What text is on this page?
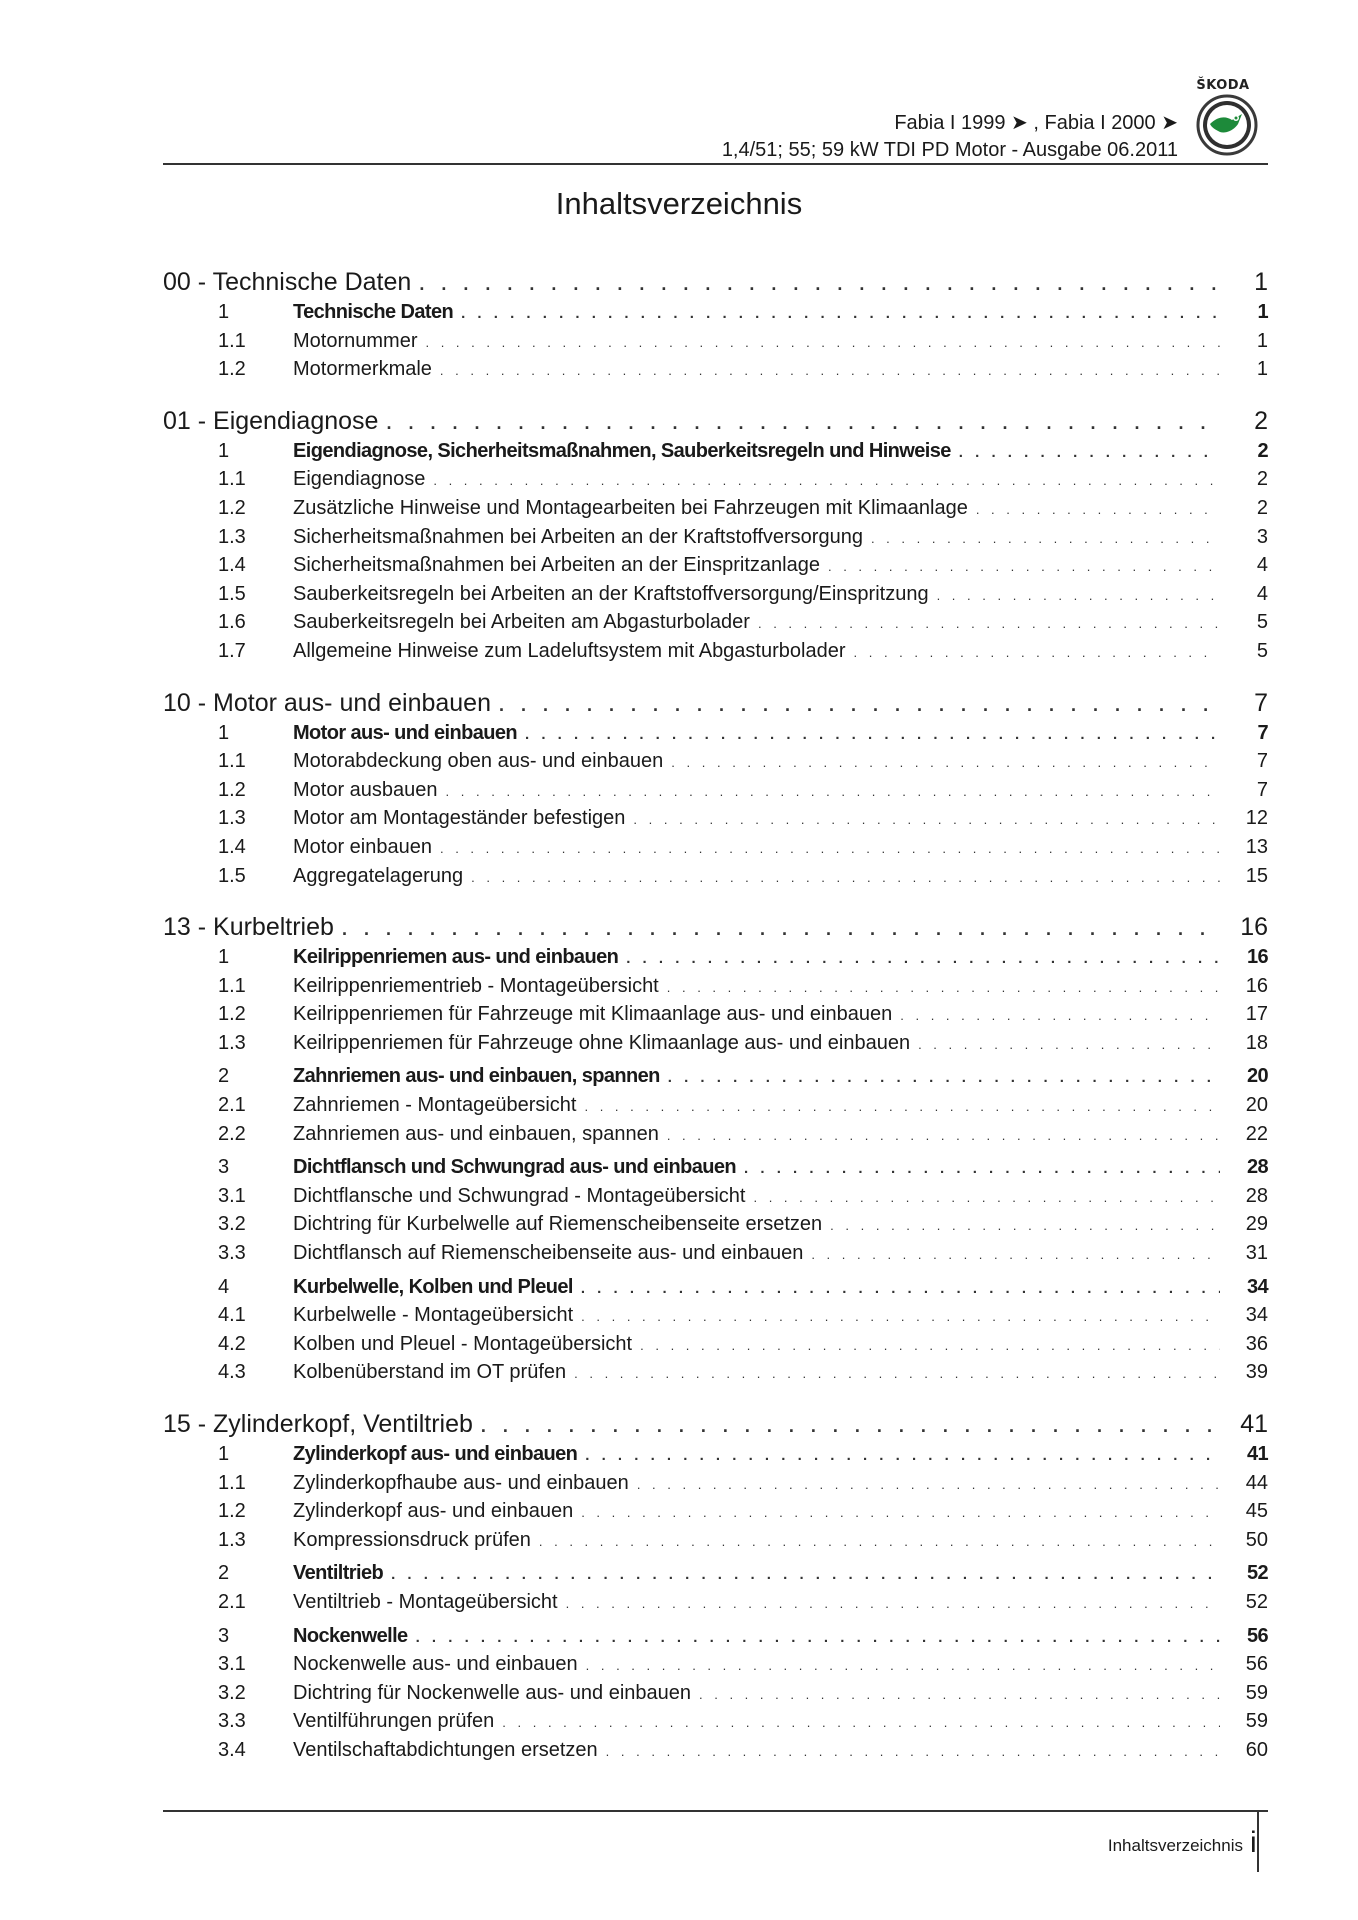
ŠKODA
Fabia I 1999 ➤ , Fabia I 2000 ➤
1,4/51; 55; 59 kW TDI PD Motor - Ausgabe 06.2011
Inhaltsverzeichnis
00 - Technische Daten . . .	1
1	Technische Daten . . .	1
1.1	Motornummer . . .	1
1.2	Motormerkmale . . .	1
01 - Eigendiagnose . . .	2
1	Eigendiagnose, Sicherheitsmaßnahmen, Sauberkeitsregeln und Hinweise . . .	2
1.1	Eigendiagnose . . .	2
1.2	Zusätzliche Hinweise und Montagearbeiten bei Fahrzeugen mit Klimaanlage . . .	2
1.3	Sicherheitsmaßnahmen bei Arbeiten an der Kraftstoffversorgung . . .	3
1.4	Sicherheitsmaßnahmen bei Arbeiten an der Einspritzanlage . . .	4
1.5	Sauberkeitsregeln bei Arbeiten an der Kraftstoffversorgung/Einspritzung . . .	4
1.6	Sauberkeitsregeln bei Arbeiten am Abgasturbolader . . .	5
1.7	Allgemeine Hinweise zum Ladeluftsystem mit Abgasturbolader . . .	5
10 - Motor aus- und einbauen . . .	7
1	Motor aus- und einbauen . . .	7
1.1	Motorabdeckung oben aus- und einbauen . . .	7
1.2	Motor ausbauen . . .	7
1.3	Motor am Montageständer befestigen . . .	12
1.4	Motor einbauen . . .	13
1.5	Aggregatelagerung . . .	15
13 - Kurbeltrieb . . .	16
1	Keilrippenriemen aus- und einbauen . . .	16
1.1	Keilrippenriementrieb - Montageübersicht . . .	16
1.2	Keilrippenriemen für Fahrzeuge mit Klimaanlage aus- und einbauen . . .	17
1.3	Keilrippenriemen für Fahrzeuge ohne Klimaanlage aus- und einbauen . . .	18
2	Zahnriemen aus- und einbauen, spannen . . .	20
2.1	Zahnriemen - Montageübersicht . . .	20
2.2	Zahnriemen aus- und einbauen, spannen . . .	22
3	Dichtflansch und Schwungrad aus- und einbauen . . .	28
3.1	Dichtflansche und Schwungrad - Montageübersicht . . .	28
3.2	Dichtring für Kurbelwelle auf Riemenscheibenseite ersetzen . . .	29
3.3	Dichtflansch auf Riemenscheibenseite aus- und einbauen . . .	31
4	Kurbelwelle, Kolben und Pleuel . . .	34
4.1	Kurbelwelle - Montageübersicht . . .	34
4.2	Kolben und Pleuel - Montageübersicht . . .	36
4.3	Kolbenüberstand im OT prüfen . . .	39
15 - Zylinderkopf, Ventiltrieb . . .	41
1	Zylinderkopf aus- und einbauen . . .	41
1.1	Zylinderkopfhaube aus- und einbauen . . .	44
1.2	Zylinderkopf aus- und einbauen . . .	45
1.3	Kompressionsdruck prüfen . . .	50
2	Ventiltrieb . . .	52
2.1	Ventiltrieb - Montageübersicht . . .	52
3	Nockenwelle . . .	56
3.1	Nockenwelle aus- und einbauen . . .	56
3.2	Dichtring für Nockenwelle aus- und einbauen . . .	59
3.3	Ventilführungen prüfen . . .	59
3.4	Ventilschaftabdichtungen ersetzen . . .	60
Inhaltsverzeichnis i
